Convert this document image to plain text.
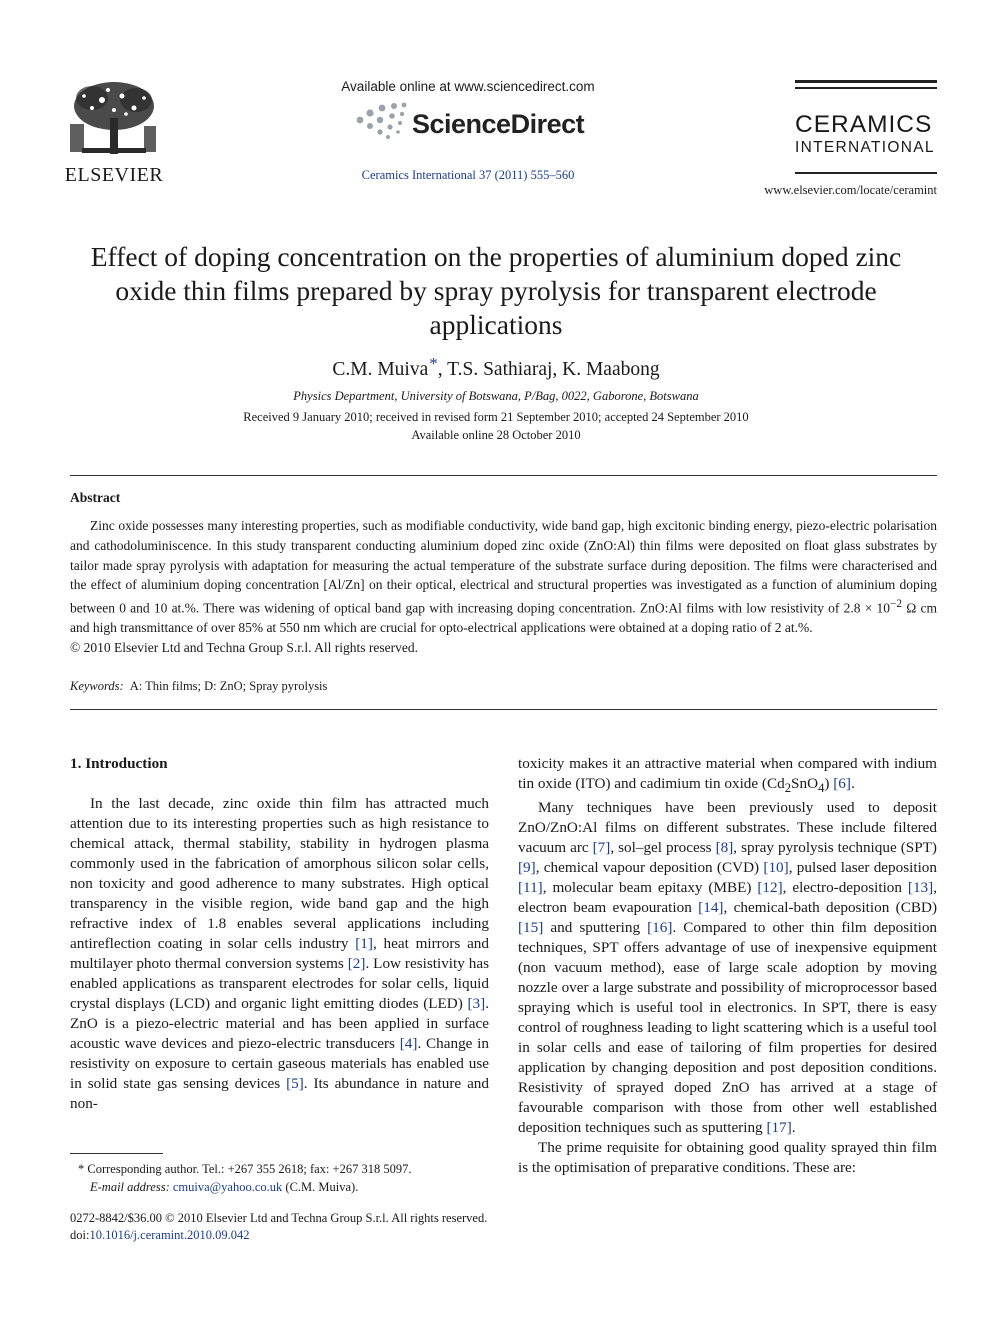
ELSEVIER
Available online at www.sciencedirect.com
ScienceDirect
Ceramics International 37 (2011) 555–560
CERAMICS
INTERNATIONAL
www.elsevier.com/locate/ceramint
Effect of doping concentration on the properties of aluminium doped zinc oxide thin films prepared by spray pyrolysis for transparent electrode applications
C.M. Muiva*, T.S. Sathiaraj, K. Maabong
Physics Department, University of Botswana, P/Bag, 0022, Gaborone, Botswana
Received 9 January 2010; received in revised form 21 September 2010; accepted 24 September 2010
Available online 28 October 2010
Abstract

Zinc oxide possesses many interesting properties, such as modifiable conductivity, wide band gap, high excitonic binding energy, piezo-electric polarisation and cathodoluminiscence. In this study transparent conducting aluminium doped zinc oxide (ZnO:Al) thin films were deposited on float glass substrates by tailor made spray pyrolysis with adaptation for measuring the actual temperature of the substrate surface during deposition. The films were characterised and the effect of aluminium doping concentration [Al/Zn] on their optical, electrical and structural properties was investigated as a function of aluminium doping between 0 and 10 at.%. There was widening of optical band gap with increasing doping concentration. ZnO:Al films with low resistivity of $2.8 \times 10^{-2}$ Ω cm and high transmittance of over 85% at 550 nm which are crucial for opto-electrical applications were obtained at a doping ratio of 2 at.%.

© 2010 Elsevier Ltd and Techna Group S.r.l. All rights reserved.

Keywords: A: Thin films; D: ZnO; Spray pyrolysis
1. Introduction

In the last decade, zinc oxide thin film has attracted much attention due to its interesting properties such as high resistance to chemical attack, thermal stability, stability in hydrogen plasma commonly used in the fabrication of amorphous silicon solar cells, non toxicity and good adherence to many substrates. High optical transparency in the visible region, wide band gap and the high refractive index of 1.8 enables several applications including antireflection coating in solar cells industry [1], heat mirrors and multilayer photo thermal conversion systems [2]. Low resistivity has enabled applications as transparent electrodes for solar cells, liquid crystal displays (LCD) and organic light emitting diodes (LED) [3]. ZnO is a piezo-electric material and has been applied in surface acoustic wave devices and piezo-electric transducers [4]. Change in resistivity on exposure to certain gaseous materials has enabled use in solid state gas sensing devices [5]. Its abundance in nature and non-

toxicity makes it an attractive material when compared with indium tin oxide (ITO) and cadimium tin oxide $(Cd_2SnO_4)$ [6].

Many techniques have been previously used to deposit ZnO/ZnO:Al films on different substrates. These include filtered vacuum arc [7], sol–gel process [8], spray pyrolysis technique (SPT) [9], chemical vapour deposition (CVD) [10], pulsed laser deposition [11], molecular beam epitaxy (MBE) [12], electro-deposition [13], electron beam evapouration [14], chemical-bath deposition (CBD) [15] and sputtering [16]. Compared to other thin film deposition techniques, SPT offers advantage of use of inexpensive equipment (non vacuum method), ease of large scale adoption by moving nozzle over a large substrate and possibility of microprocessor based spraying which is useful tool in electronics. In SPT, there is easy control of roughness leading to light scattering which is a useful tool in solar cells and ease of tailoring of film properties for desired application by changing deposition and post deposition conditions. Resistivity of sprayed doped ZnO has arrived at a stage of favourable comparison with those from other well established deposition techniques such as sputtering [17].

The prime requisite for obtaining good quality sprayed thin film is the optimisation of preparative conditions. These are:

* Corresponding author. Tel.: +267 355 2618; fax: +267 318 5097.
E-mail address: cmuiva@yahoo.co.uk (C.M. Muiva).
0272-8842/$36.00 © 2010 Elsevier Ltd and Techna Group S.r.l. All rights reserved.
doi:10.1016/j.ceramint.2010.09.042
